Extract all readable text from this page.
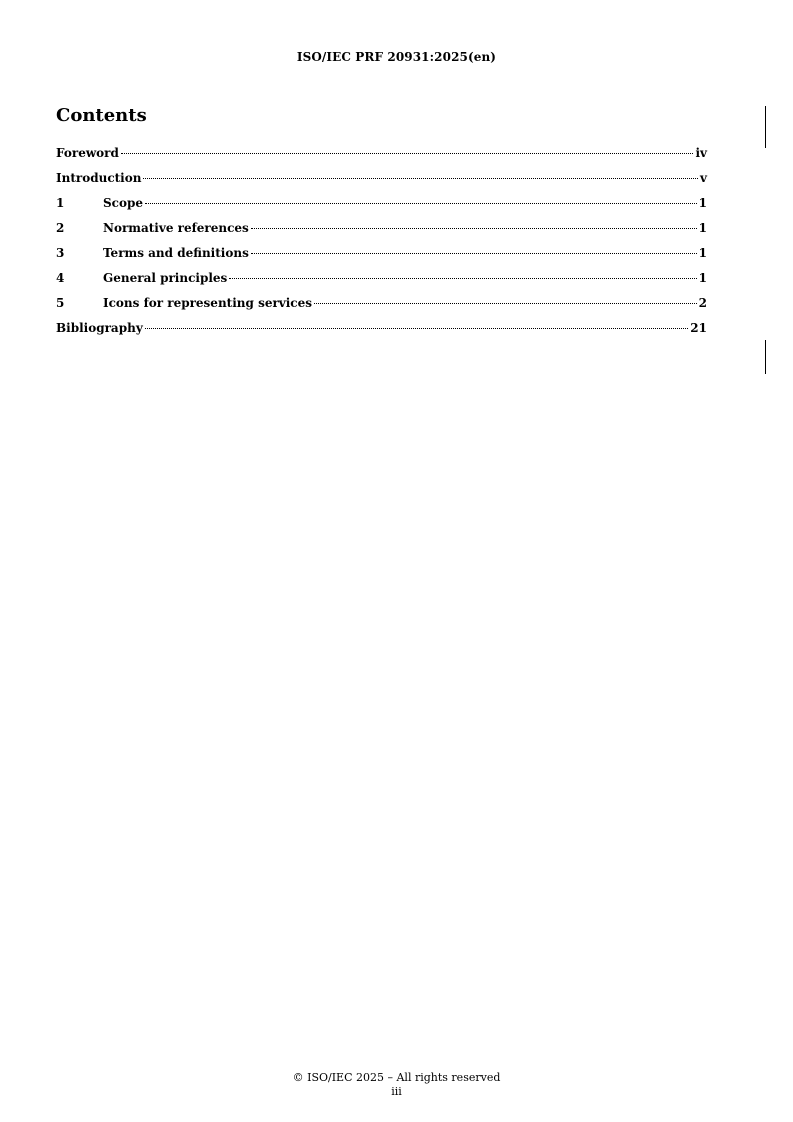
ISO/IEC PRF 20931:2025(en)
Contents
Foreword	iv
Introduction	v
1	Scope	1
2	Normative references	1
3	Terms and definitions	1
4	General principles	1
5	Icons for representing services	2
Bibliography	21
© ISO/IEC 2025 – All rights reserved
iii
